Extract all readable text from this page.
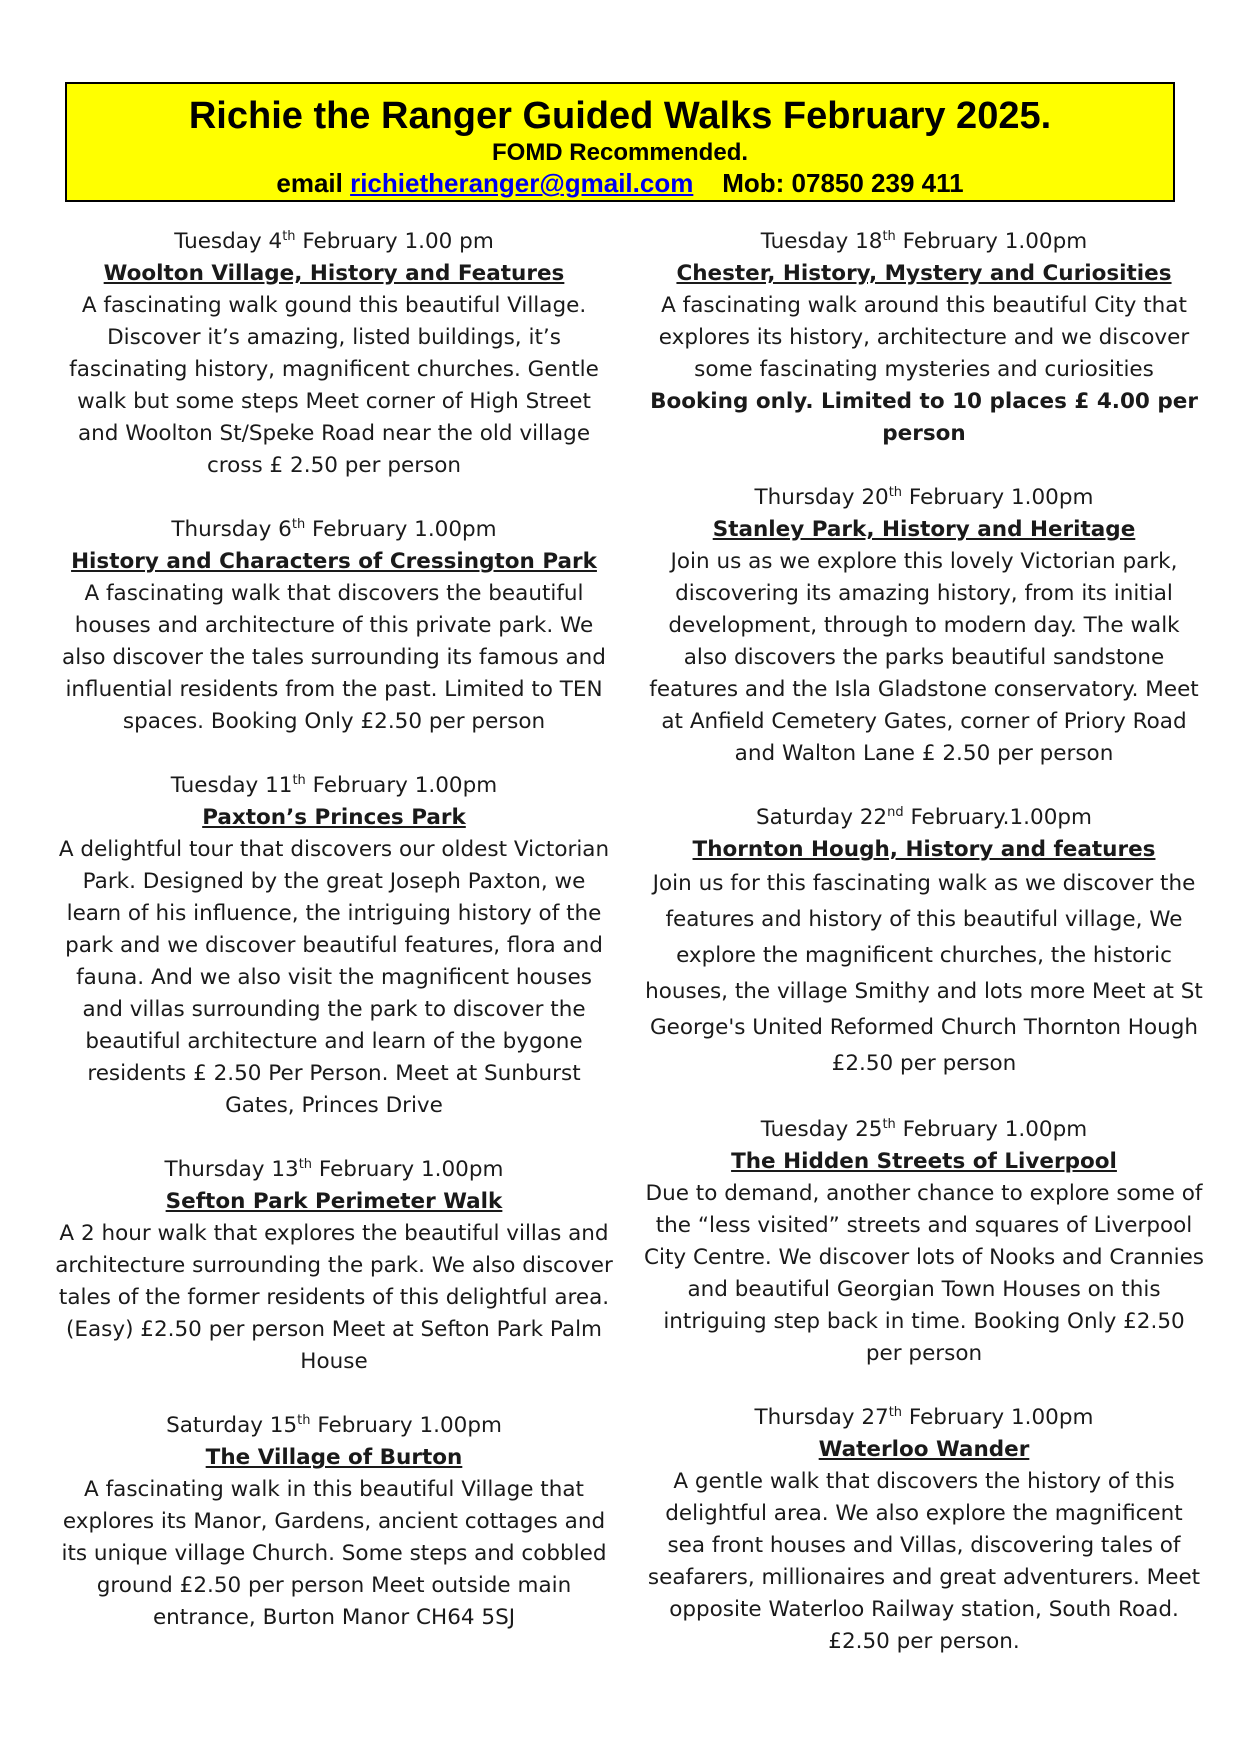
Richie the Ranger Guided Walks February 2025.
FOMD Recommended.
email richietheranger@gmail.com Mob: 07850 239 411
Tuesday 4th February 1.00 pm
Woolton Village, History and Features
A fascinating walk gound this beautiful Village. Discover it’s amazing, listed buildings, it’s fascinating history, magnificent churches. Gentle walk but some steps Meet corner of High Street and Woolton St/Speke Road near the old village cross £ 2.50 per person
Thursday 6th February 1.00pm
History and Characters of Cressington Park
A fascinating walk that discovers the beautiful houses and architecture of this private park. We also discover the tales surrounding its famous and influential residents from the past. Limited to TEN spaces. Booking Only £2.50 per person
Tuesday 11th February 1.00pm
Paxton’s Princes Park
A delightful tour that discovers our oldest Victorian Park. Designed by the great Joseph Paxton, we learn of his influence, the intriguing history of the park and we discover beautiful features, flora and fauna. And we also visit the magnificent houses and villas surrounding the park to discover the beautiful architecture and learn of the bygone residents £ 2.50 Per Person. Meet at Sunburst Gates, Princes Drive
Thursday 13th February 1.00pm
Sefton Park Perimeter Walk
A 2 hour walk that explores the beautiful villas and architecture surrounding the park. We also discover tales of the former residents of this delightful area. (Easy) £2.50 per person Meet at Sefton Park Palm House
Saturday 15th February 1.00pm
The Village of Burton
A fascinating walk in this beautiful Village that explores its Manor, Gardens, ancient cottages and its unique village Church. Some steps and cobbled ground £2.50 per person Meet outside main entrance, Burton Manor CH64 5SJ
Tuesday 18th February 1.00pm
Chester, History, Mystery and Curiosities
A fascinating walk around this beautiful City that explores its history, architecture and we discover some fascinating mysteries and curiosities Booking only. Limited to 10 places £ 4.00 per person
Thursday 20th February 1.00pm
Stanley Park, History and Heritage
Join us as we explore this lovely Victorian park, discovering its amazing history, from its initial development, through to modern day. The walk also discovers the parks beautiful sandstone features and the Isla Gladstone conservatory. Meet at Anfield Cemetery Gates, corner of Priory Road and Walton Lane £ 2.50 per person
Saturday 22nd February.1.00pm
Thornton Hough, History and features
Join us for this fascinating walk as we discover the features and history of this beautiful village, We explore the magnificent churches, the historic houses, the village Smithy and lots more Meet at St George's United Reformed Church Thornton Hough £2.50 per person
Tuesday 25th February 1.00pm
The Hidden Streets of Liverpool
Due to demand, another chance to explore some of the “less visited” streets and squares of Liverpool City Centre. We discover lots of Nooks and Crannies and beautiful Georgian Town Houses on this intriguing step back in time. Booking Only £2.50 per person
Thursday 27th February 1.00pm
Waterloo Wander
A gentle walk that discovers the history of this delightful area. We also explore the magnificent sea front houses and Villas, discovering tales of seafarers, millionaires and great adventurers. Meet opposite Waterloo Railway station, South Road. £2.50 per person.
